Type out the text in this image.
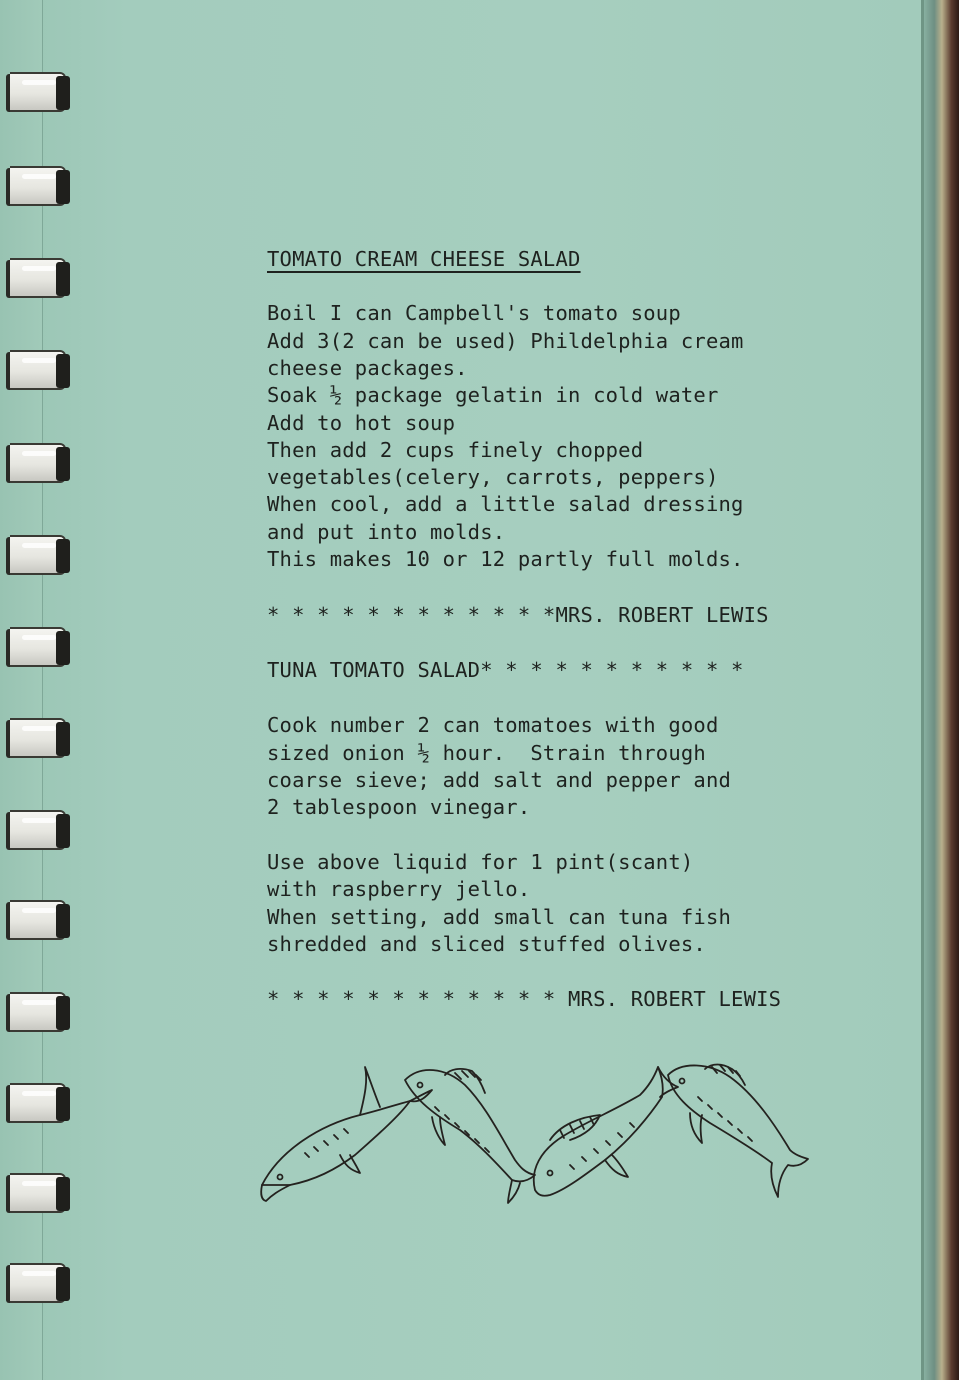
TOMATO CREAM CHEESE SALAD
Boil I can Campbell's tomato soup
Add 3(2 can be used) Phildelphia cream
cheese packages.
Soak ½ package gelatin in cold water
Add to hot soup
Then add 2 cups finely chopped
vegetables(celery, carrots, peppers)
When cool, add a little salad dressing
and put into molds.
This makes 10 or 12 partly full molds.
* * * * * * * * * * * *MRS. ROBERT LEWIS
TUNA TOMATO SALAD* * * * * * * * * * *
Cook number 2 can tomatoes with good
sized onion ½ hour.  Strain through
coarse sieve; add salt and pepper and
2 tablespoon vinegar.
Use above liquid for 1 pint(scant)
with raspberry jello.
When setting, add small can tuna fish
shredded and sliced stuffed olives.
* * * * * * * * * * * * MRS. ROBERT LEWIS
